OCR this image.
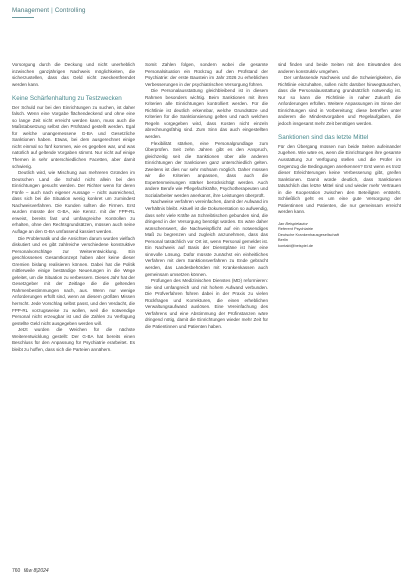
Management | Controlling

Vorsorgung durch die Deckung und nicht unerheblich inzwischen ganzjährigen Nachweis möglichkeiten, die sicherzustellen, dass das Geld nicht zweckentfremdet werden kann.

Keine Schärfenhaltung zu Testzwecken

Der Schuld nur bei den Einrichtungen zu suchen, ist daher falsch. Wenn eine Vorgabe flächendeckend und ohne eine so lange Zeit nicht erreicht werden kann, muss auch die Maßstabsetzung selbst den Prüfstand gestellt werden. Egal für welche unangemessene G-BA und Gesetzliche Sanktionen haben. Etwas, bei dem ausgerechnet einige nicht einmal so fünf kommen, wie es gegeben war, und was natürlich auf geltende Vorgaben stimmt. Nur nicht auf einige Themen in sehr unterschiedlichen Facetten, aber damit schwierig.

Deutlich wird, wie Mischung aus mehreren Gründen im Deutschen Land die Schuld nicht allein bei den Einrichtungen gesucht werden. Der Richter wenn für deren Fünfe – auch nach eigener Aussage – nicht ausreichend, dass sich bei die Situation wenig konkret um zumindest Nachweisverfahren. Die Kunden sollten die Firmen. Erst wurden müsste der G-BA, wie Kennz. mit der FPP-RL erweist, bereits fast und umfangreiche Kontrollen zu erhalten, ohne den Rechtsgrundsätzen, müssen auch seine Auflage an den G-BA umfassend kassiert werden.

Die Problematik und die Ansichten darum wurden vielfach diskutiert und es gibt zahlreiche verschiedene konstruktive Personalvorschläge zur Weiterentwicklung. Ein geschlossenes Gesamtkonzept haben aber keine dieser Gremien bislang realisieren können. Dabei hat die Politik mittlerweile einige beständige Neuerungen in die Wege geleitet, um die Situation zu verbessern. Dieses Jahr hat der Gesetzgeber mit der Zeitlage die die geltenden Rahmenbestimmungen nach, aus. Wenn nur wenige Anforderungen erfüllt sind, wenn an diesem größten Missen herrscht. Jede Vorschlag selbst passt, und den Verdacht, die FPP-RL vorzugsweise zu wollen, weil die notwendige Personal nicht erzeugbar ist und die Zahlen zu Verfügung gestellte Geld nicht ausgegeben werden will.

Jetzt wurden die Weichen für die nächste Weiterentwicklung gestellt: Der G-BA hat bereits einen Beschluss für den Anpassung für Psychiatrie erarbeitet. Es bleibt zu hoffen, dass sich die Parteien annähern.

Somit Zahlen folgen, sondern wobei die gesamte Personalsituation ein Rückzug auf den Prüfstand der Psychiatrie: der erste Baustein im Jahr 2026 zu erheblichen Verbesserungen in der psychiatrischen Versorgung führen.

Die Personalausstattung gleichbleibend ist in diesem Rahmen besonders wichtig. Beim Sanktionen mit ihren Kriterien alle Einrichtungen kontrolliert werden. Für die Richtlinie ist deutlich erkennbar, welche Grundsätze und Kriterien für die Sanktionsierung gelten und nach welchen Regeln vorgegeben wird, dass Kosten nicht einzeln abrechnungsfähig sind. Zum Sinn das auch eingestellten werden.

Flexibilität stärken, eine Personalgrundlage zum Überprüfen. Seit zehn Jahren gibt es den Anspruch, gleichzeitig seit die Sanktionen über alle anderen Einrichtungen der Sanktionen ganz unterschiedlich gelten. Zweitens ist dies nur sehr mühsam möglich. Daher müssen wir die Kriterien anpassen, dass auch die Expertenmeinungen stärker berücksichtigt werden. Auch andere Berufe wie Pflegefachkräfte, Psychotherapeuten und Sozialarbeiter werden anerkannt, ihre Leistungen überprüft.

Nachweise verfahren vereinfachen, damit der Aufwand im Verhältnis bleibt. Aktuell ist die Dokumentation so aufwendig, dass sehr viele Kräfte an Schreibtischen gebunden sind, die dringend in der Versorgung benötigt würden. Es wäre daher wünschenswert, die Nachweispflicht auf ein notwendiges Maß zu begrenzen und zugleich anzunehmen, dass das Personal tatsächlich vor Ort ist, wenn Personal gemeldet ist. Ein Nachweis auf Basis der Dienstpläne ist hier eine sinnvolle Lösung. Dafür müsste zunächst ein einheitliches Verfahren mit dem Sanktionsverfahren zu Ende gebracht werden, das Landesbehörden mit Krankenkassen auch gemeinsam umsetzen können.

Prüfungen des Medizinischen Dienstes (MD) reformieren: Sie sind umfangreich und mit hohem Aufwand verbunden. Die Prüfverfahren führen dabei in der Praxis zu vielen Rückfragen und Korrekturen, die einen erheblichen Verwaltungsaufwand auslösen. Eine Vereinfachung des Verfahrens und eine Abstimmung der Prüfinstanzen wäre dringend nötig, damit die Einrichtungen wieder mehr Zeit für die Patientinnen und Patienten haben.

sind finden und beide Seiten mit den Einwänden des anderen konstruktiv umgehen.

Der umfassende Nachweis und die Schwierigkeiten, die Richtlinie einzuhalten, sollen nicht darüber hinwegtäuschen, dass die Personalausstattung grundsätzlich notwendig ist. Nur so kann die Richtlinie in naher Zukunft die Anforderungen erfüllen. Weitere Anpassungen im Sinne der Einrichtungen sind in Vorbereitung; diese betreffen unter anderem die Mindestvorgaben und Regelaufgaben, die jedoch insgesamt mehr Zeit benötigen werden.

Sanktionen sind das letzte Mittel

Für den Übergang müssen nun beide Seiten aufeinander zugehen. Wie wäre es, wenn die Einrichtungen ihre gesamte Ausstattung zur Verfügung stellen und die Prüfer im Gegenzug die Bedingungen anerkennen? Erst wenn es trotz dieser Erleichterungen keine Verbesserung gibt, greifen Sanktionen. Damit würde deutlich, dass Sanktionen tatsächlich das letzte Mittel sind und wieder mehr Vertrauen in die Kooperation zwischen den Beteiligten entsteht. Schließlich geht es um eine gute Versorgung der Patientinnen und Patienten, die nur gemeinsam erreicht werden kann.

Jan Beispielautor
Referent Psychiatrie
Deutsche Krankenhausgesellschaft
Berlin
kontakt@beispiel.de
760 f&w 8|2024
